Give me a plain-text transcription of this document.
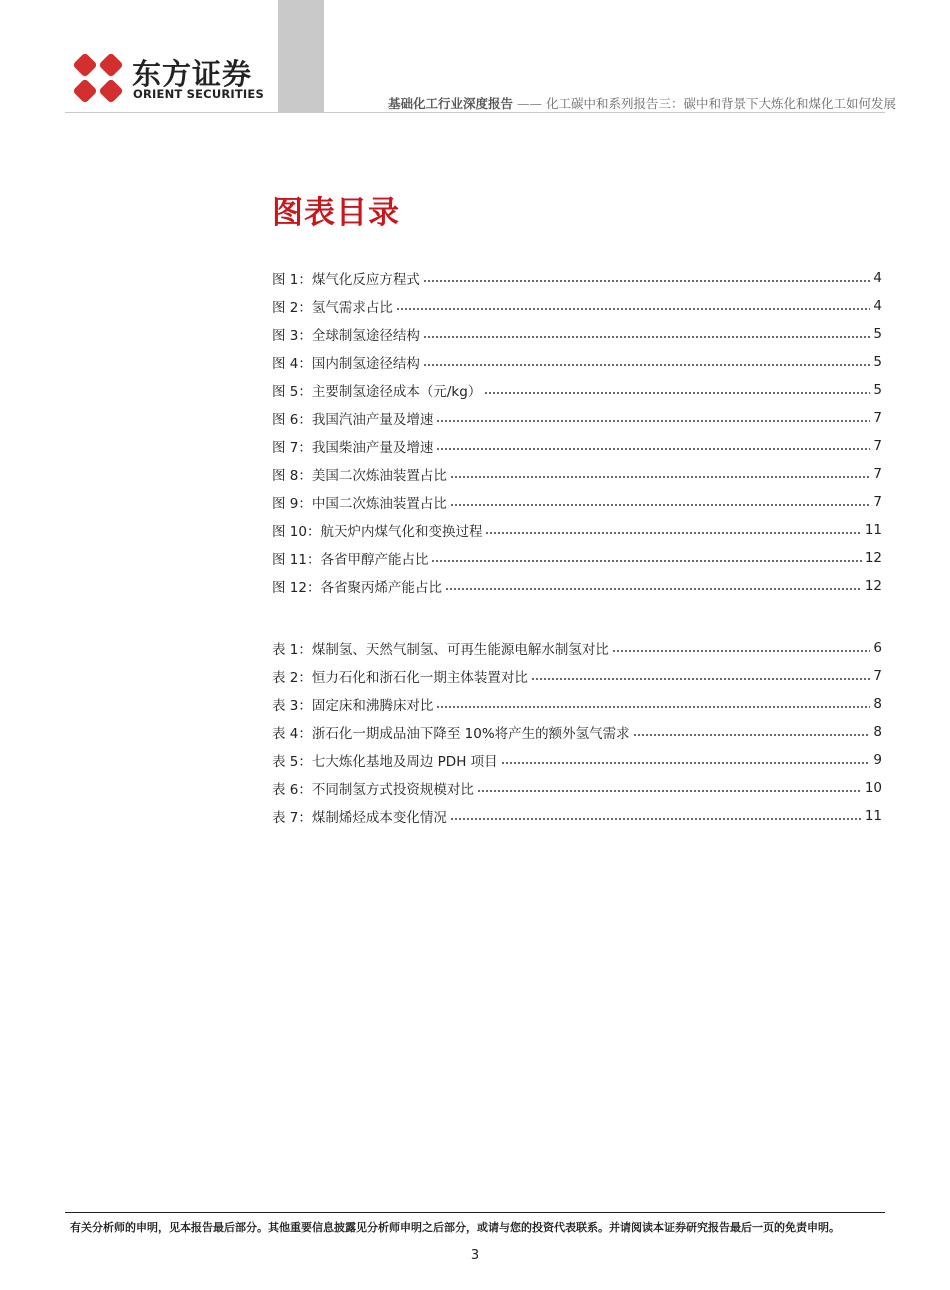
东方证券
ORIENT SECURITIES
基础化工行业深度报告 —— 化工碳中和系列报告三：碳中和背景下大炼化和煤化工如何发展
图表目录
图 1：煤气化反应方程式	4
图 2：氢气需求占比	4
图 3：全球制氢途径结构	5
图 4：国内制氢途径结构	5
图 5：主要制氢途径成本（元/kg）	5
图 6：我国汽油产量及增速	7
图 7：我国柴油产量及增速	7
图 8：美国二次炼油装置占比	7
图 9：中国二次炼油装置占比	7
图 10：航天炉内煤气化和变换过程	11
图 11：各省甲醇产能占比	12
图 12：各省聚丙烯产能占比	12
表 1：煤制氢、天然气制氢、可再生能源电解水制氢对比	6
表 2：恒力石化和浙石化一期主体装置对比	7
表 3：固定床和沸腾床对比	8
表 4：浙石化一期成品油下降至 10%将产生的额外氢气需求	8
表 5：七大炼化基地及周边 PDH 项目	9
表 6：不同制氢方式投资规模对比	10
表 7：煤制烯烃成本变化情况	11
有关分析师的申明，见本报告最后部分。其他重要信息披露见分析师申明之后部分，或请与您的投资代表联系。并请阅读本证券研究报告最后一页的免责申明。
3
